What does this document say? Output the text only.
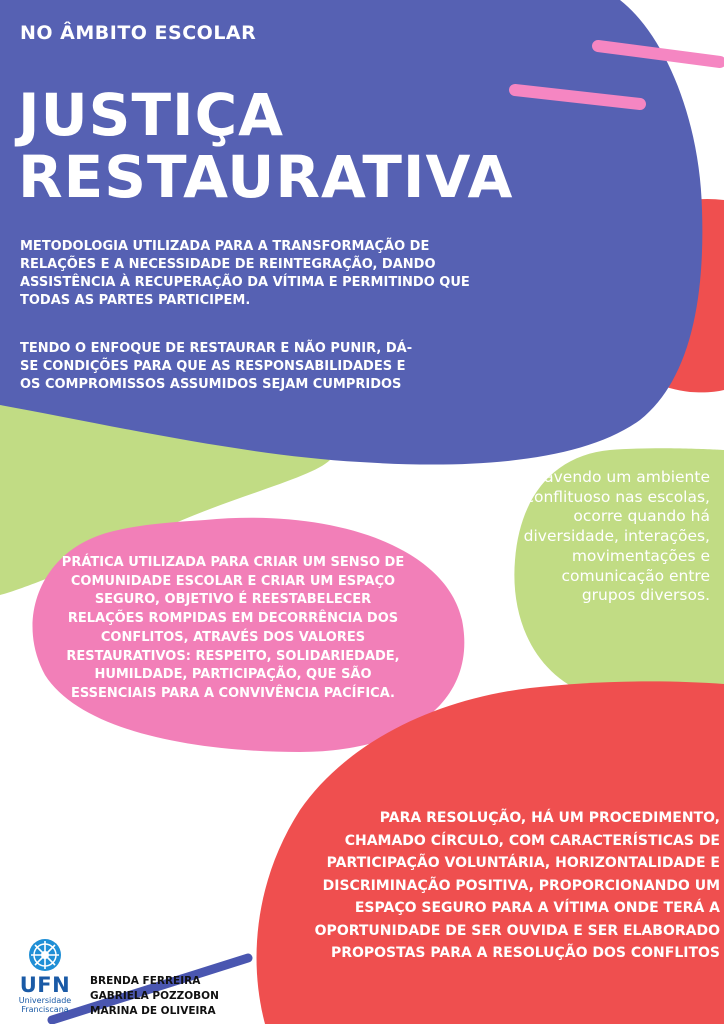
NO ÂMBITO ESCOLAR
JUSTIÇA
RESTAURATIVA
METODOLOGIA UTILIZADA PARA A TRANSFORMAÇÃO DE RELAÇÕES E A NECESSIDADE DE REINTEGRAÇÃO, DANDO ASSISTÊNCIA À RECUPERAÇÃO DA VÍTIMA E PERMITINDO QUE TODAS AS PARTES PARTICIPEM.
TENDO O ENFOQUE DE RESTAURAR E NÃO PUNIR, DÁ-SE CONDIÇÕES PARA QUE AS RESPONSABILIDADES E OS COMPROMISSOS ASSUMIDOS SEJAM CUMPRIDOS
PRÁTICA UTILIZADA PARA CRIAR UM SENSO DE COMUNIDADE ESCOLAR E CRIAR UM ESPAÇO SEGURO, OBJETIVO É REESTABELECER RELAÇÕES ROMPIDAS EM DECORRÊNCIA DOS CONFLITOS, ATRAVÉS DOS VALORES RESTAURATIVOS: RESPEITO, SOLIDARIEDADE, HUMILDADE, PARTICIPAÇÃO, QUE SÃO ESSENCIAIS PARA A CONVIVÊNCIA PACÍFICA.
Havendo um ambiente conflituoso nas escolas, ocorre quando há diversidade, interações, movimentações e comunicação entre grupos diversos.
PARA RESOLUÇÃO, HÁ UM PROCEDIMENTO, CHAMADO CÍRCULO, COM CARACTERÍSTICAS DE PARTICIPAÇÃO VOLUNTÁRIA, HORIZONTALIDADE E DISCRIMINAÇÃO POSITIVA, PROPORCIONANDO UM ESPAÇO SEGURO PARA A VÍTIMA ONDE TERÁ A OPORTUNIDADE DE SER OUVIDA E SER ELABORADO PROPOSTAS PARA A RESOLUÇÃO DOS CONFLITOS
UFN
Universidade
Franciscana
BRENDA FERREIRA
GABRIELA POZZOBON
MARINA DE OLIVEIRA
